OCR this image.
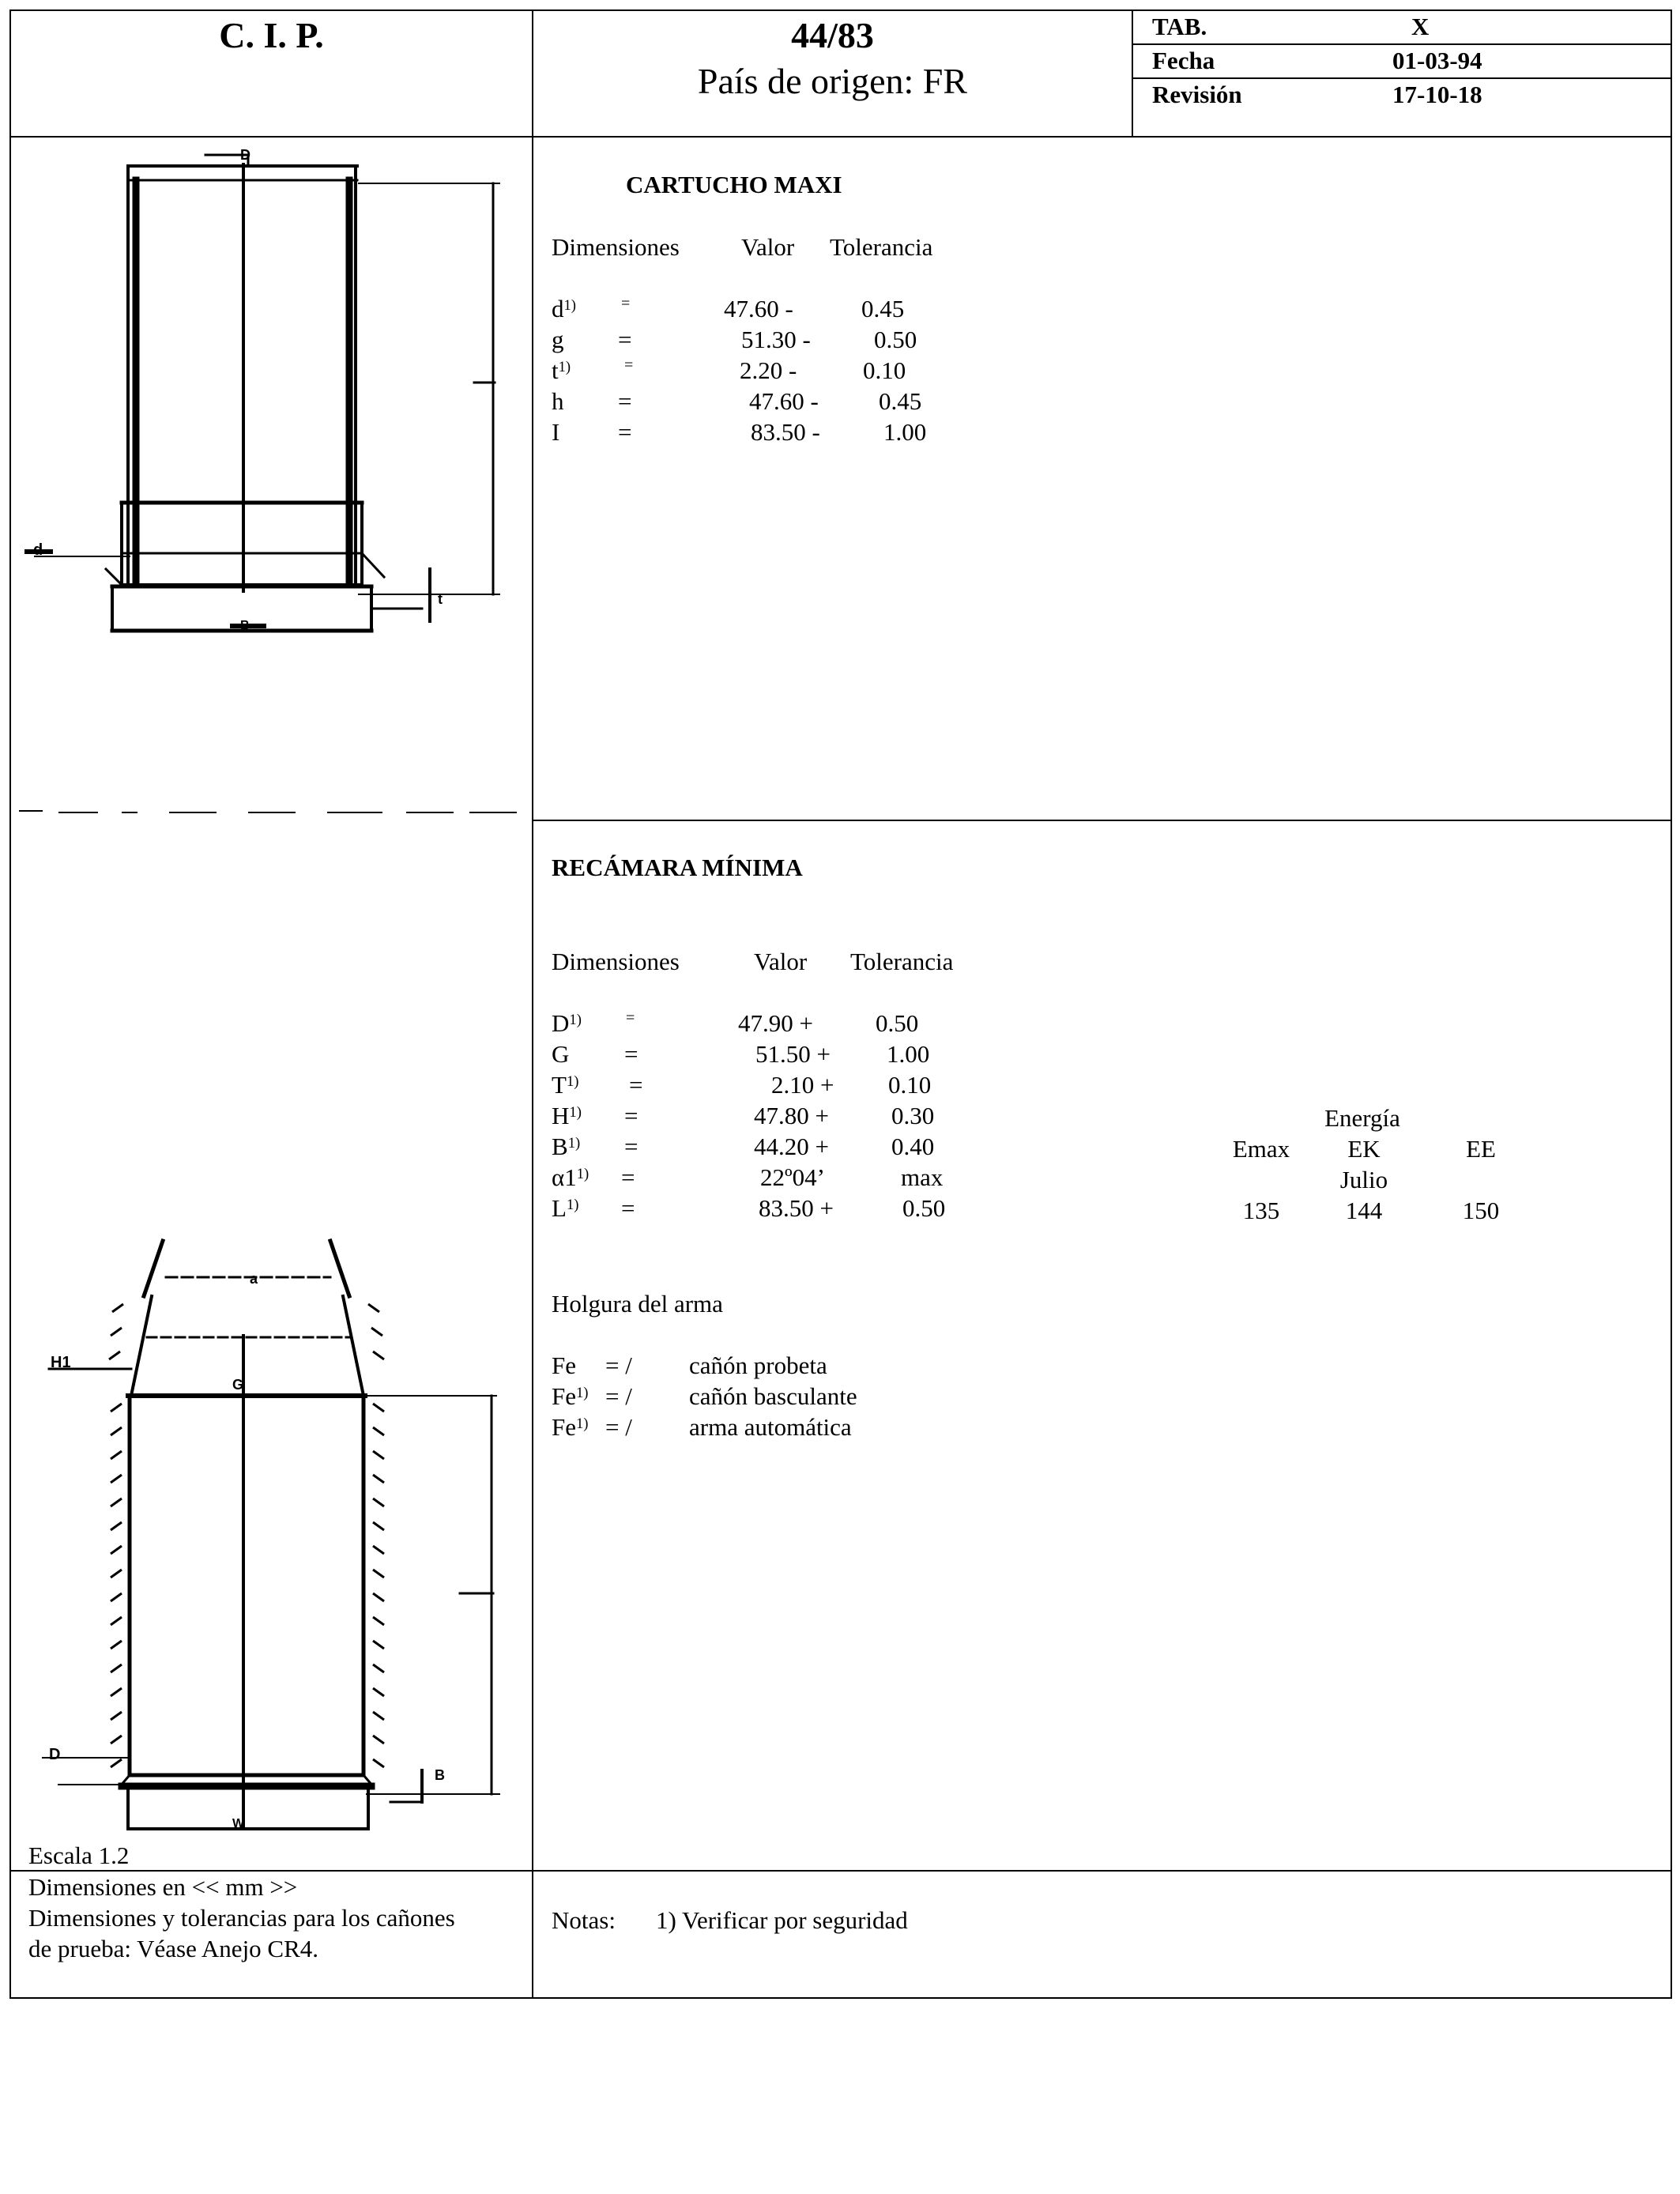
C. I. P.	44/83
País de origen: FR
TAB.	X
Fecha	01-03-94
Revisión	17-10-18
CARTUCHO MAXI
Dimensiones	Valor Tolerancia
$d^{1)}$	=	47.60 -	0.45
g =	51.30 -	0.50
$t^{1)}$	=	2.20 -	0.10
h =	47.60 - 0.45
I =	83.50 -	1.00
RECÁMARA MÍNIMA
Dimensiones	Valor Tolerancia
$D^{1)}$	=	47.90 +	0.50
G =	51.50 + 1.00
$T^{1)}$ =	2.10 + 0.10
$H^{1)}$ =	47.80 +	0.30
$B^{1)}$ =	44.20 +	0.40
$\alpha 1^{1)}$ =	22º04’	max
$L^{1)}$ =	83.50 +	0.50
Energía
Emax	EK	EE
Julio
135	144	150
Holgura del arma
Fe = / cañón probeta
$Fe^{1)}$ = / cañón basculante
$Fe^{1)}$ = / arma automática
Escala 1.2
Dimensiones en << mm >>
Dimensiones y tolerancias para los cañones
de prueba: Véase Anejo CR4.
Notas: 1) Verificar por seguridad
D
d
B
t
a
H1
G
D
W
B
